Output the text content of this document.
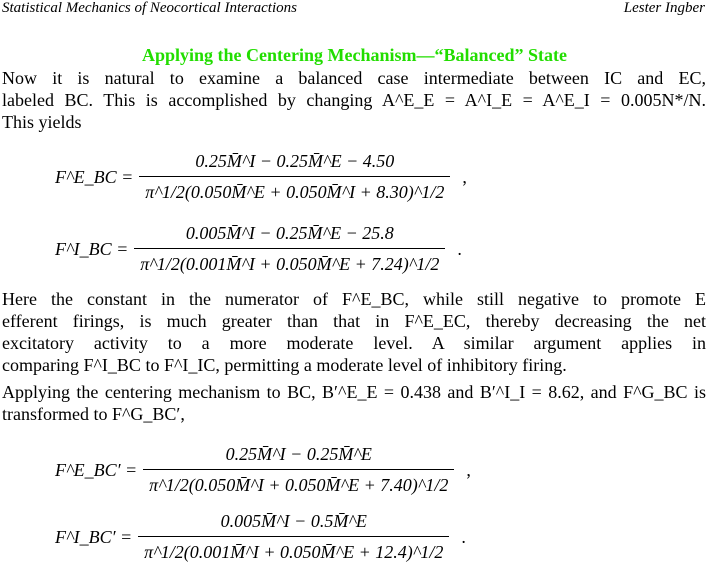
Statistical Mechanics of Neocortical Interactions	Lester Ingber
Applying the Centering Mechanism—“Balanced” State
Now it is natural to examine a balanced case intermediate between IC and EC,
labeled BC. This is accomplished by changing A^E_E = A^I_E = A^E_I = 0.005N*/N.
This yields
F^E_BC = $\frac{0.25M̄\^{}I - 0.25M̄\^{}E - 4.50}{\pi\^{}1/2(0.050M̄\^{}E + 0.050M̄\^{}I + 8.30)\^{}1/2}$ ,
F^I_BC = $\frac{0.005M̄\^{}I - 0.25M̄\^{}E - 25.8}{\pi\^{}1/2(0.001M̄\^{}I + 0.050M̄\^{}E + 7.24)\^{}1/2}$ .
Here the constant in the numerator of F^E_BC, while still negative to promote E
efferent firings, is much greater than that in F^E_EC, thereby decreasing the net
excitatory activity to a more moderate level. A similar argument applies in
comparing F^I_BC to F^I_IC, permitting a moderate level of inhibitory firing.
Applying the centering mechanism to BC, B′^E_E = 0.438 and B′^I_I = 8.62, and F^G_BC is
transformed to F^G_BC′,
F^E_BC′ = $\frac{0.25M̄\^{}I - 0.25M̄\^{}E}{\pi\^{}1/2(0.050M̄\^{}I + 0.050M̄\^{}E + 7.40)\^{}1/2}$ ,
F^I_BC′ = $\frac{0.005M̄\^{}I - 0.5M̄\^{}E}{\pi\^{}1/2(0.001M̄\^{}I + 0.050M̄\^{}E + 12.4)\^{}1/2}$ .
